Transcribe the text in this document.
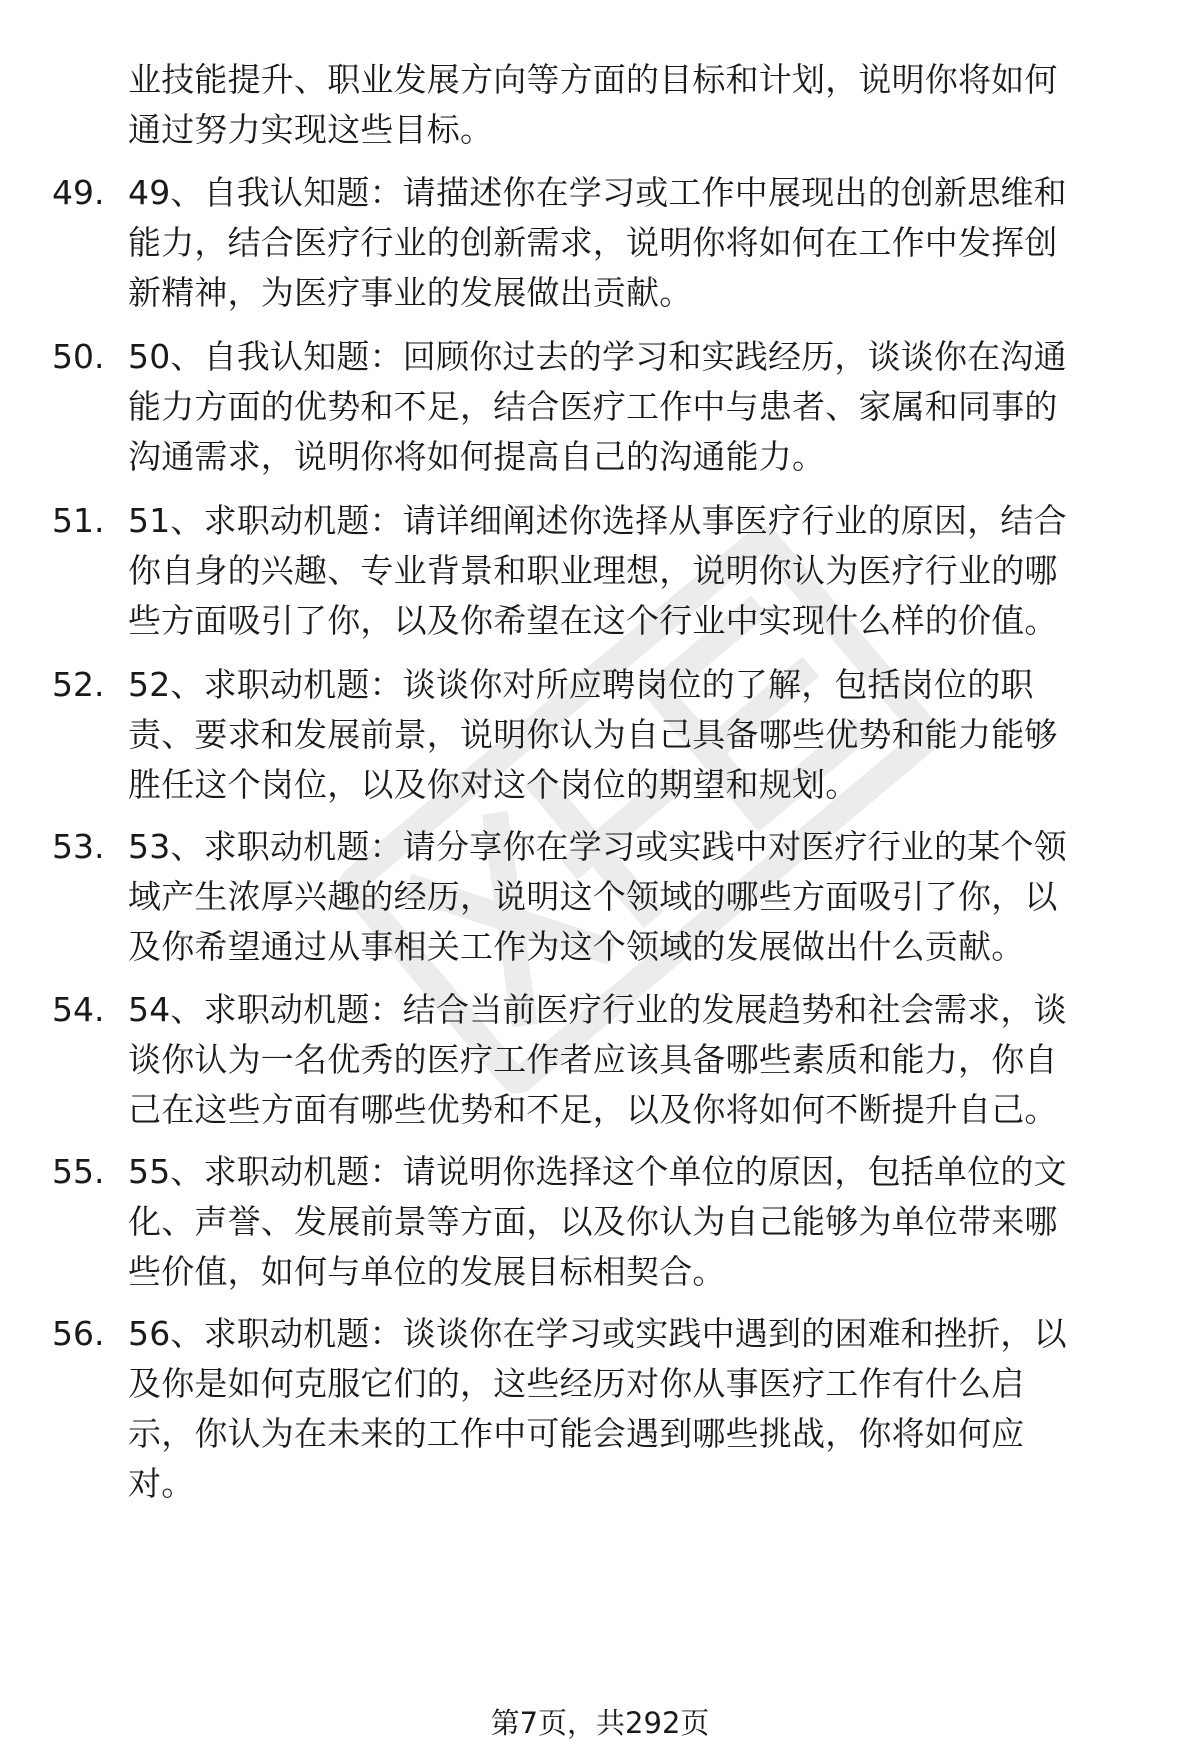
业技能提升、职业发展方向等方面的目标和计划，说明你将如何
通过努力实现这些目标。
49. 49、自我认知题：请描述你在学习或工作中展现出的创新思维和
能力，结合医疗行业的创新需求，说明你将如何在工作中发挥创
新精神，为医疗事业的发展做出贡献。
50. 50、自我认知题：回顾你过去的学习和实践经历，谈谈你在沟通
能力方面的优势和不足，结合医疗工作中与患者、家属和同事的
沟通需求，说明你将如何提高自己的沟通能力。
51. 51、求职动机题：请详细阐述你选择从事医疗行业的原因，结合
你自身的兴趣、专业背景和职业理想，说明你认为医疗行业的哪
些方面吸引了你，以及你希望在这个行业中实现什么样的价值。
52. 52、求职动机题：谈谈你对所应聘岗位的了解，包括岗位的职
责、要求和发展前景，说明你认为自己具备哪些优势和能力能够
胜任这个岗位，以及你对这个岗位的期望和规划。
53. 53、求职动机题：请分享你在学习或实践中对医疗行业的某个领
域产生浓厚兴趣的经历，说明这个领域的哪些方面吸引了你，以
及你希望通过从事相关工作为这个领域的发展做出什么贡献。
54. 54、求职动机题：结合当前医疗行业的发展趋势和社会需求，谈
谈你认为一名优秀的医疗工作者应该具备哪些素质和能力，你自
己在这些方面有哪些优势和不足，以及你将如何不断提升自己。
55. 55、求职动机题：请说明你选择这个单位的原因，包括单位的文
化、声誉、发展前景等方面，以及你认为自己能够为单位带来哪
些价值，如何与单位的发展目标相契合。
56. 56、求职动机题：谈谈你在学习或实践中遇到的困难和挫折，以
及你是如何克服它们的，这些经历对你从事医疗工作有什么启
示，你认为在未来的工作中可能会遇到哪些挑战，你将如何应
对。
第7页，共292页
